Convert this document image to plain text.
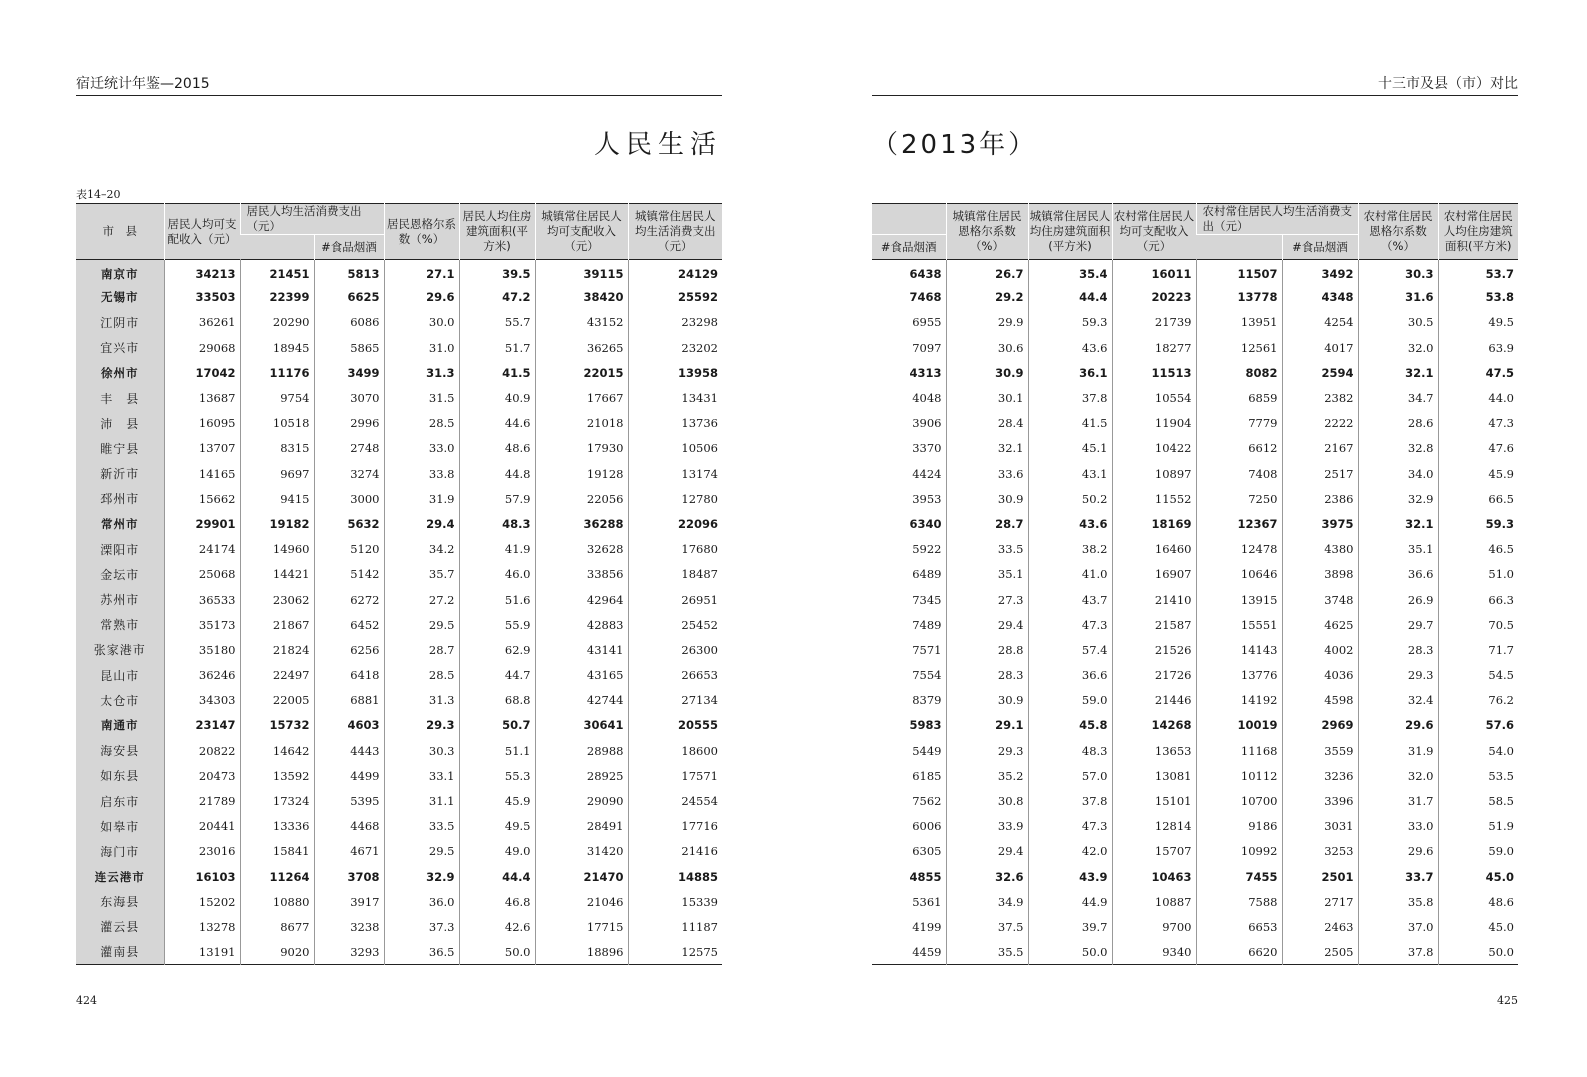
宿迁统计年鉴—2015
人民生活
表14–20
市　县	居民人均可支配收入（元）	居民人均生活消费支出（元）		居民恩格尔系数（%）	居民人均住房建筑面积(平方米)	城镇常住居民人均可支配收入（元）	城镇常住居民人均生活消费支出（元）
			#食品烟酒				
南京市	34213	21451	5813	27.1	39.5	39115	24129
无锡市	33503	22399	6625	29.6	47.2	38420	25592
江阴市	36261	20290	6086	30.0	55.7	43152	23298
宜兴市	29068	18945	5865	31.0	51.7	36265	23202
徐州市	17042	11176	3499	31.3	41.5	22015	13958
丰　县	13687	9754	3070	31.5	40.9	17667	13431
沛　县	16095	10518	2996	28.5	44.6	21018	13736
睢宁县	13707	8315	2748	33.0	48.6	17930	10506
新沂市	14165	9697	3274	33.8	44.8	19128	13174
邳州市	15662	9415	3000	31.9	57.9	22056	12780
常州市	29901	19182	5632	29.4	48.3	36288	22096
溧阳市	24174	14960	5120	34.2	41.9	32628	17680
金坛市	25068	14421	5142	35.7	46.0	33856	18487
苏州市	36533	23062	6272	27.2	51.6	42964	26951
常熟市	35173	21867	6452	29.5	55.9	42883	25452
张家港市	35180	21824	6256	28.7	62.9	43141	26300
昆山市	36246	22497	6418	28.5	44.7	43165	26653
太仓市	34303	22005	6881	31.3	68.8	42744	27134
南通市	23147	15732	4603	29.3	50.7	30641	20555
海安县	20822	14642	4443	30.3	51.1	28988	18600
如东县	20473	13592	4499	33.1	55.3	28925	17571
启东市	21789	17324	5395	31.1	45.9	29090	24554
如皋市	20441	13336	4468	33.5	49.5	28491	17716
海门市	23016	15841	4671	29.5	49.0	31420	21416
连云港市	16103	11264	3708	32.9	44.4	21470	14885
东海县	15202	10880	3917	36.0	46.8	21046	15339
灌云县	13278	8677	3238	37.3	42.6	17715	11187
灌南县	13191	9020	3293	36.5	50.0	18896	12575
424
十三市及县（市）对比
（2013年）
	城镇常住居民恩格尔系数（%）	城镇常住居民人均住房建筑面积(平方米)	农村常住居民人均可支配收入（元）	农村常住居民人均生活消费支出（元）		农村常住居民恩格尔系数（%）	农村常住居民人均住房建筑面积(平方米)
#食品烟酒					#食品烟酒		
6438	26.7	35.4	16011	11507	3492	30.3	53.7
7468	29.2	44.4	20223	13778	4348	31.6	53.8
6955	29.9	59.3	21739	13951	4254	30.5	49.5
7097	30.6	43.6	18277	12561	4017	32.0	63.9
4313	30.9	36.1	11513	8082	2594	32.1	47.5
4048	30.1	37.8	10554	6859	2382	34.7	44.0
3906	28.4	41.5	11904	7779	2222	28.6	47.3
3370	32.1	45.1	10422	6612	2167	32.8	47.6
4424	33.6	43.1	10897	7408	2517	34.0	45.9
3953	30.9	50.2	11552	7250	2386	32.9	66.5
6340	28.7	43.6	18169	12367	3975	32.1	59.3
5922	33.5	38.2	16460	12478	4380	35.1	46.5
6489	35.1	41.0	16907	10646	3898	36.6	51.0
7345	27.3	43.7	21410	13915	3748	26.9	66.3
7489	29.4	47.3	21587	15551	4625	29.7	70.5
7571	28.8	57.4	21526	14143	4002	28.3	71.7
7554	28.3	36.6	21726	13776	4036	29.3	54.5
8379	30.9	59.0	21446	14192	4598	32.4	76.2
5983	29.1	45.8	14268	10019	2969	29.6	57.6
5449	29.3	48.3	13653	11168	3559	31.9	54.0
6185	35.2	57.0	13081	10112	3236	32.0	53.5
7562	30.8	37.8	15101	10700	3396	31.7	58.5
6006	33.9	47.3	12814	9186	3031	33.0	51.9
6305	29.4	42.0	15707	10992	3253	29.6	59.0
4855	32.6	43.9	10463	7455	2501	33.7	45.0
5361	34.9	44.9	10887	7588	2717	35.8	48.6
4199	37.5	39.7	9700	6653	2463	37.0	45.0
4459	35.5	50.0	9340	6620	2505	37.8	50.0
425
